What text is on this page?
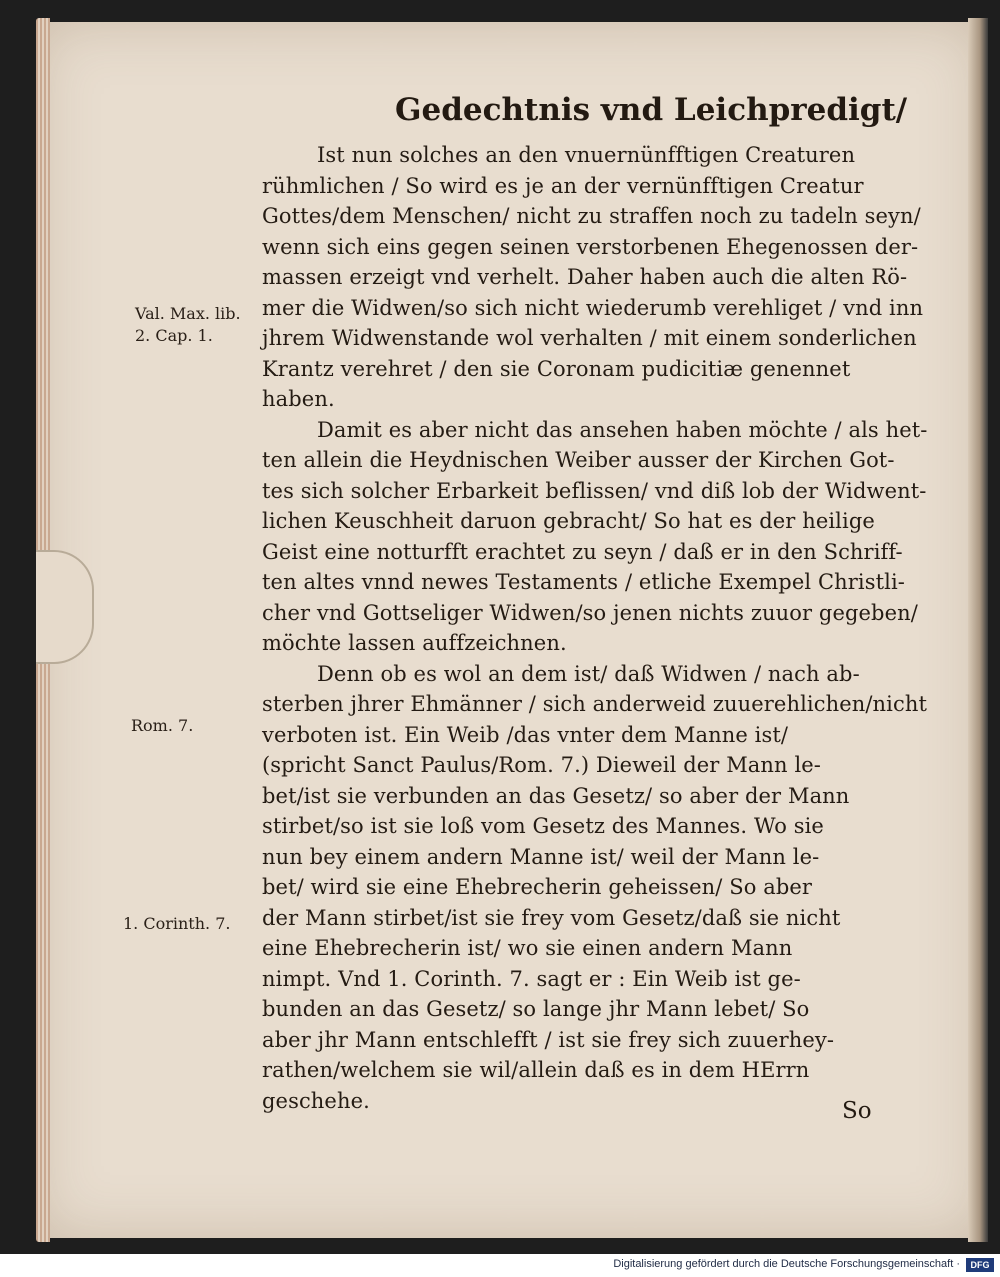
Gedechtnis vnd Leichpredigt/
Ist nun solches an den vnuernünfftigen Creaturen
rühmlichen / So wird es je an der vernünfftigen Creatur
Gottes/dem Menschen/ nicht zu straffen noch zu tadeln seyn/
wenn sich eins gegen seinen verstorbenen Ehegenossen der-
massen erzeigt vnd verhelt. Daher haben auch die alten Rö-
mer die Widwen/so sich nicht wiederumb verehliget / vnd inn
jhrem Widwenstande wol verhalten / mit einem sonderlichen
Krantz verehret / den sie Coronam pudicitiæ genennet
haben.
Damit es aber nicht das ansehen haben möchte / als het-
ten allein die Heydnischen Weiber ausser der Kirchen Got-
tes sich solcher Erbarkeit beflissen/ vnd diß lob der Widwent-
lichen Keuschheit daruon gebracht/ So hat es der heilige
Geist eine notturfft erachtet zu seyn / daß er in den Schriff-
ten altes vnnd newes Testaments / etliche Exempel Christli-
cher vnd Gottseliger Widwen/so jenen nichts zuuor gegeben/
möchte lassen auffzeichnen.
Denn ob es wol an dem ist/ daß Widwen / nach ab-
sterben jhrer Ehmänner / sich anderweid zuuerehlichen/nicht
verboten ist. Ein Weib /das vnter dem Manne ist/
(spricht Sanct Paulus/Rom. 7.) Dieweil der Mann le-
bet/ist sie verbunden an das Gesetz/ so aber der Mann
stirbet/so ist sie loß vom Gesetz des Mannes. Wo sie
nun bey einem andern Manne ist/ weil der Mann le-
bet/ wird sie eine Ehebrecherin geheissen/ So aber
der Mann stirbet/ist sie frey vom Gesetz/daß sie nicht
eine Ehebrecherin ist/ wo sie einen andern Mann
nimpt. Vnd 1. Corinth. 7. sagt er : Ein Weib ist ge-
bunden an das Gesetz/ so lange jhr Mann lebet/ So
aber jhr Mann entschlefft / ist sie frey sich zuuerhey-
rathen/welchem sie wil/allein daß es in dem HErrn
geschehe.
Val. Max. lib.
2. Cap. 1.
Rom. 7.
1. Corinth. 7.
So
Digitalisierung gefördert durch die Deutsche Forschungsgemeinschaft ·	DFG
